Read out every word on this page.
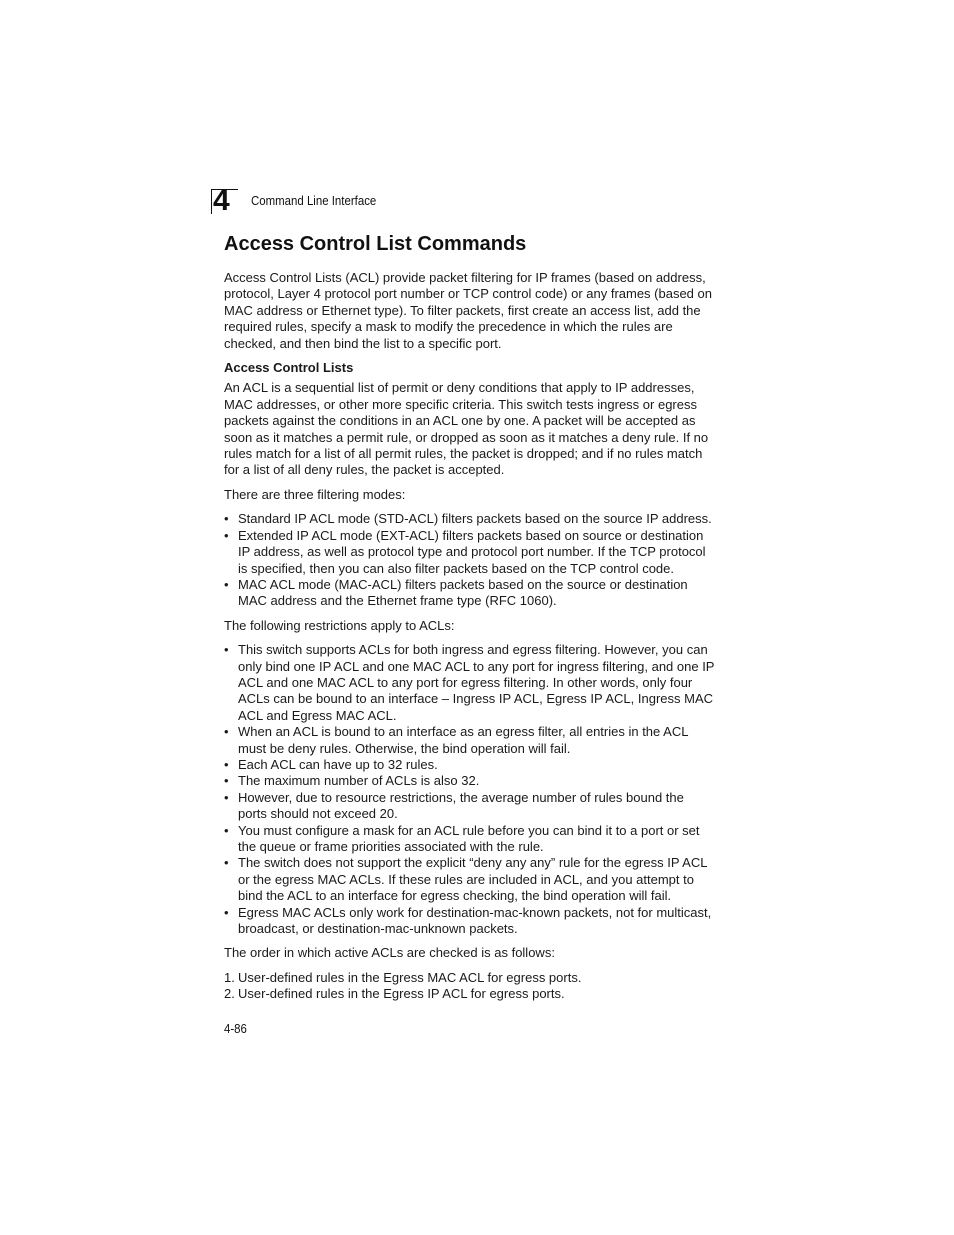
4	Command Line Interface
Access Control List Commands

Access Control Lists (ACL) provide packet filtering for IP frames (based on address, protocol, Layer 4 protocol port number or TCP control code) or any frames (based on MAC address or Ethernet type). To filter packets, first create an access list, add the required rules, specify a mask to modify the precedence in which the rules are checked, and then bind the list to a specific port.

Access Control Lists

An ACL is a sequential list of permit or deny conditions that apply to IP addresses, MAC addresses, or other more specific criteria. This switch tests ingress or egress packets against the conditions in an ACL one by one. A packet will be accepted as soon as it matches a permit rule, or dropped as soon as it matches a deny rule. If no rules match for a list of all permit rules, the packet is dropped; and if no rules match for a list of all deny rules, the packet is accepted.

There are three filtering modes:

• Standard IP ACL mode (STD-ACL) filters packets based on the source IP address.
• Extended IP ACL mode (EXT-ACL) filters packets based on source or destination IP address, as well as protocol type and protocol port number. If the TCP protocol is specified, then you can also filter packets based on the TCP control code.
• MAC ACL mode (MAC-ACL) filters packets based on the source or destination MAC address and the Ethernet frame type (RFC 1060).

The following restrictions apply to ACLs:

• This switch supports ACLs for both ingress and egress filtering. However, you can only bind one IP ACL and one MAC ACL to any port for ingress filtering, and one IP ACL and one MAC ACL to any port for egress filtering. In other words, only four ACLs can be bound to an interface – Ingress IP ACL, Egress IP ACL, Ingress MAC ACL and Egress MAC ACL.
• When an ACL is bound to an interface as an egress filter, all entries in the ACL must be deny rules. Otherwise, the bind operation will fail.
• Each ACL can have up to 32 rules.
• The maximum number of ACLs is also 32.
• However, due to resource restrictions, the average number of rules bound the ports should not exceed 20.
• You must configure a mask for an ACL rule before you can bind it to a port or set the queue or frame priorities associated with the rule.
• The switch does not support the explicit “deny any any” rule for the egress IP ACL or the egress MAC ACLs. If these rules are included in ACL, and you attempt to bind the ACL to an interface for egress checking, the bind operation will fail.
• Egress MAC ACLs only work for destination-mac-known packets, not for multicast, broadcast, or destination-mac-unknown packets.

The order in which active ACLs are checked is as follows:

1. User-defined rules in the Egress MAC ACL for egress ports.
2. User-defined rules in the Egress IP ACL for egress ports.
4-86
